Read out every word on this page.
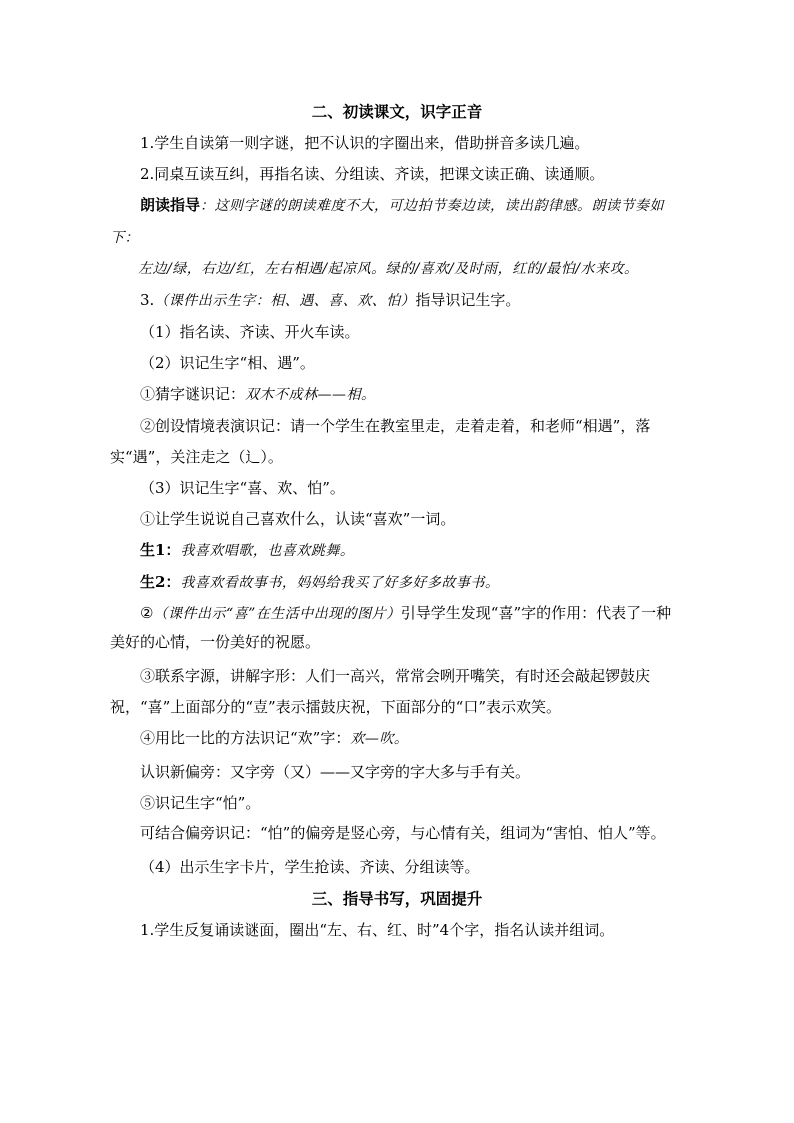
二、初读课文，识字正音

1.学生自读第一则字谜，把不认识的字圈出来，借助拼音多读几遍。

2.同桌互读互纠，再指名读、分组读、齐读，把课文读正确、读通顺。

朗读指导：这则字谜的朗读难度不大，可边拍节奏边读，读出韵律感。朗读节奏如下：

左边/绿，右边/红，左右相遇/起凉风。绿的/喜欢/及时雨，红的/最怕/水来攻。

3.（课件出示生字：相、遇、喜、欢、怕）指导识记生字。

（1）指名读、齐读、开火车读。

（2）识记生字“相、遇”。

①猜字谜识记：双木不成林——相。

②创设情境表演识记：请一个学生在教室里走，走着走着，和老师“相遇”，落实“遇”，关注走之（辶）。

（3）识记生字“喜、欢、怕”。

①让学生说说自己喜欢什么，认读“喜欢”一词。

生1：我喜欢唱歌，也喜欢跳舞。

生2：我喜欢看故事书，妈妈给我买了好多好多故事书。

②（课件出示“喜”在生活中出现的图片）引导学生发现“喜”字的作用：代表了一种美好的心情，一份美好的祝愿。

③联系字源，讲解字形：人们一高兴，常常会咧开嘴笑，有时还会敲起锣鼓庆祝，“喜”上面部分的“壴”表示擂鼓庆祝，下面部分的“口”表示欢笑。

④用比一比的方法识记“欢”字：欢—吹。

认识新偏旁：又字旁（又）——又字旁的字大多与手有关。

⑤识记生字“怕”。

可结合偏旁识记：“怕”的偏旁是竖心旁，与心情有关，组词为“害怕、怕人”等。

（4）出示生字卡片，学生抢读、齐读、分组读等。

三、指导书写，巩固提升

1.学生反复诵读谜面，圈出“左、右、红、时”4个字，指名认读并组词。
